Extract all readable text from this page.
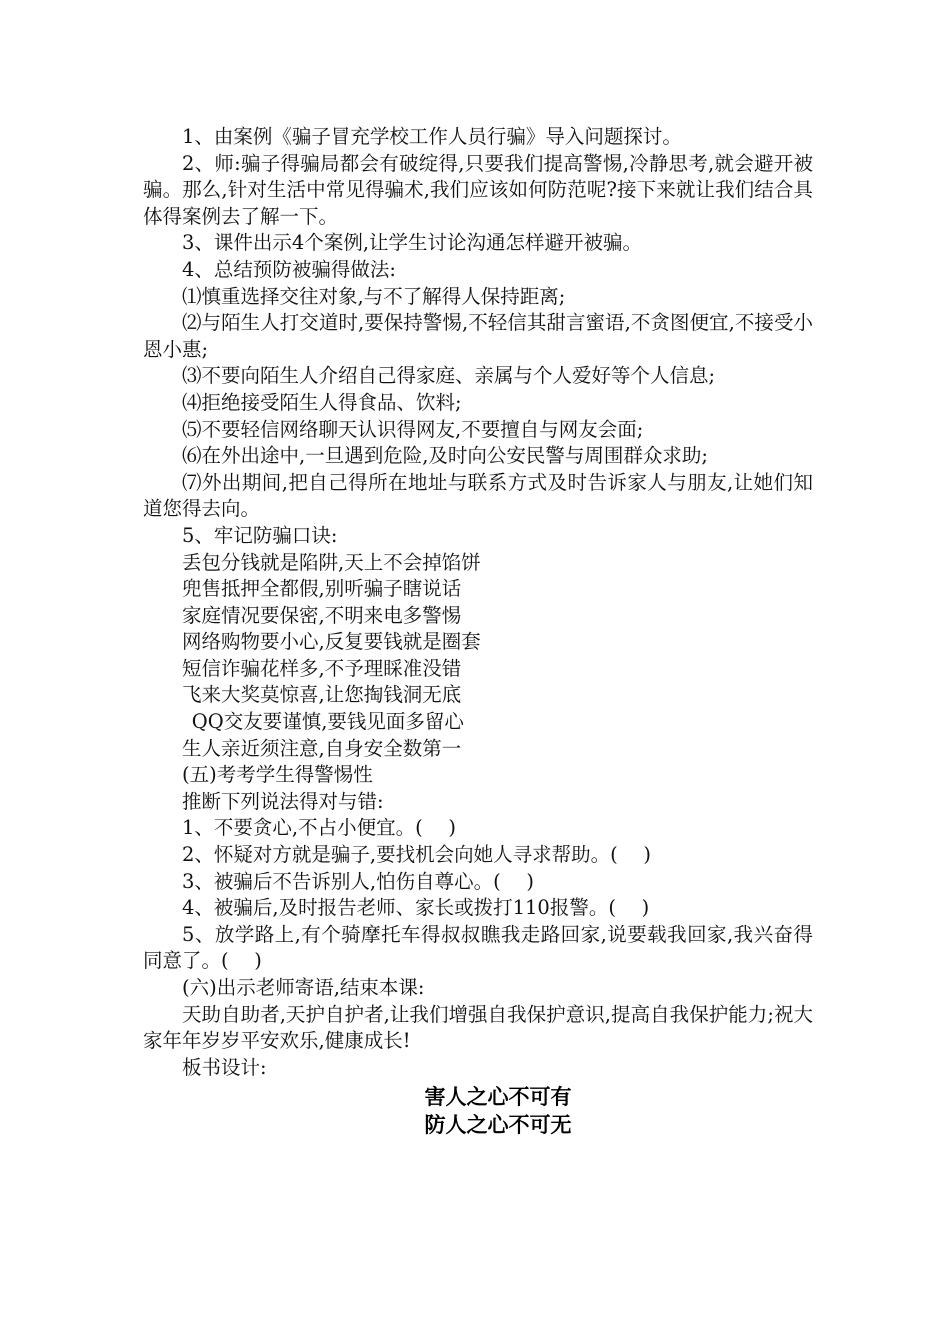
1、由案例《骗子冒充学校工作人员行骗》导入问题探讨。

2、师:骗子得骗局都会有破绽得,只要我们提高警惕,冷静思考,就会避开被骗。那么,针对生活中常见得骗术,我们应该如何防范呢?接下来就让我们结合具体得案例去了解一下。

3、课件出示4个案例,让学生讨论沟通怎样避开被骗。

4、总结预防被骗得做法:

⑴慎重选择交往对象,与不了解得人保持距离;

⑵与陌生人打交道时,要保持警惕,不轻信其甜言蜜语,不贪图便宜,不接受小恩小惠;

⑶不要向陌生人介绍自己得家庭、亲属与个人爱好等个人信息;

⑷拒绝接受陌生人得食品、饮料;

⑸不要轻信网络聊天认识得网友,不要擅自与网友会面;

⑹在外出途中,一旦遇到危险,及时向公安民警与周围群众求助;

⑺外出期间,把自己得所在地址与联系方式及时告诉家人与朋友,让她们知道您得去向。

5、牢记防骗口诀:

丢包分钱就是陷阱,天上不会掉馅饼

兜售抵押全都假,别听骗子瞎说话

家庭情况要保密,不明来电多警惕

网络购物要小心,反复要钱就是圈套

短信诈骗花样多,不予理睬准没错

飞来大奖莫惊喜,让您掏钱洞无底

QQ交友要谨慎,要钱见面多留心

生人亲近须注意,自身安全数第一

(五)考考学生得警惕性

推断下列说法得对与错:

1、不要贪心,不占小便宜。(　 )

2、怀疑对方就是骗子,要找机会向她人寻求帮助。(　 )

3、被骗后不告诉别人,怕伤自尊心。(　 )

4、被骗后,及时报告老师、家长或拨打110报警。(　 )

5、放学路上,有个骑摩托车得叔叔瞧我走路回家,说要载我回家,我兴奋得同意了。(　 )

(六)出示老师寄语,结束本课:

天助自助者,天护自护者,让我们增强自我保护意识,提高自我保护能力;祝大家年年岁岁平安欢乐,健康成长!

板书设计:

害人之心不可有
防人之心不可无
